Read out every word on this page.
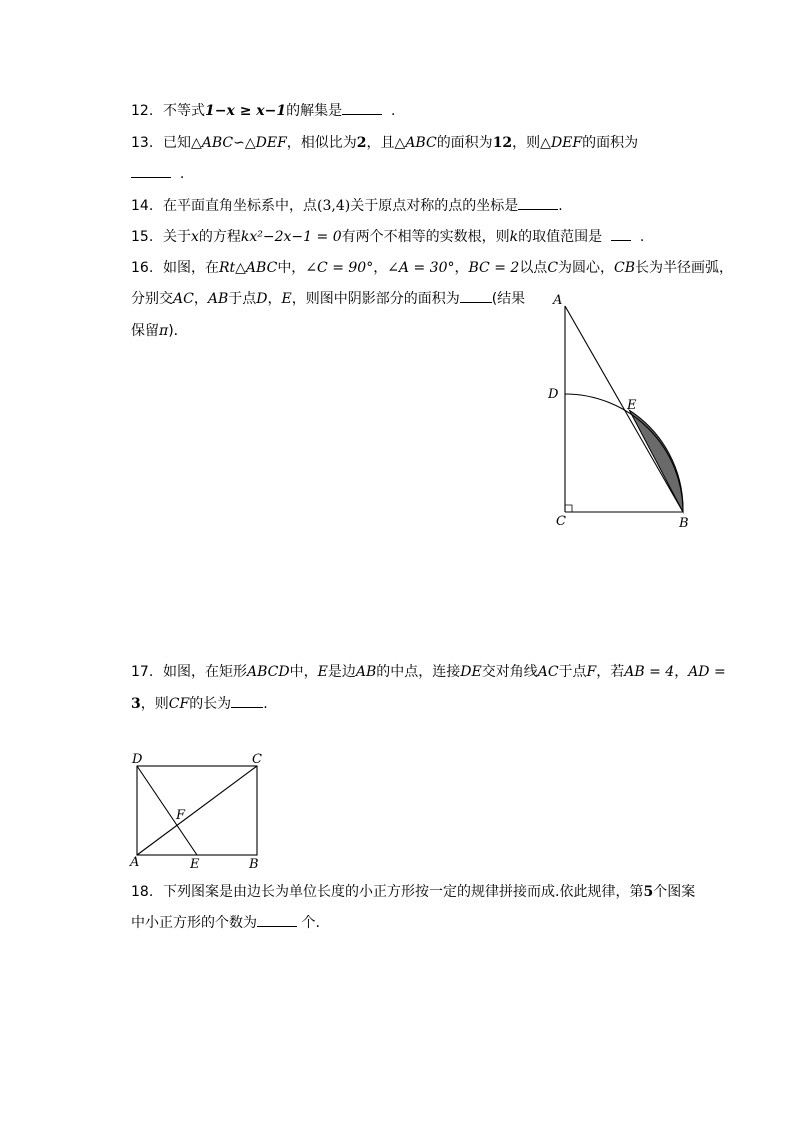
12. 不等式1−x ≥ x−1的解集是	.
13. 已知△ABC∽△DEF，相似比为2，且△ABC的面积为12，则△DEF的面积为
.
14. 在平面直角坐标系中，点(3,4)关于原点对称的点的坐标是	.
15. 关于x的方程kx²−2x−1 = 0有两个不相等的实数根，则k的取值范围是	.
16. 如图，在Rt△ABC中，∠C = 90°，∠A = 30°，BC = 2以点C为圆心，CB长为半径画弧，
分别交AC，AB于点D，E，则图中阴影部分的面积为 (结果
保留π)．
A
D
E
C	B
17. 如图，在矩形ABCD中，E是边AB的中点，连接DE交对角线AC于点F，若AB = 4，AD =
3，则CF的长为 .
D	C
F
A	E	B
18. 下列图案是由边长为单位长度的小正方形按一定的规律拼接而成.依此规律，第5个图案
中小正方形的个数为	个.
